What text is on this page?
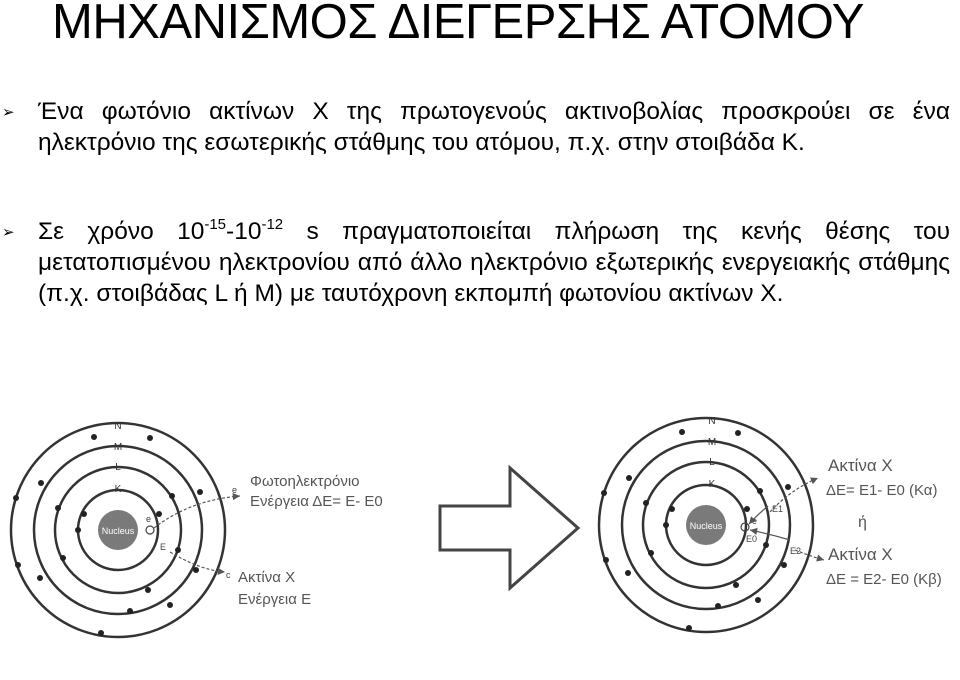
ΜΗΧΑΝΙΣΜΟΣ ΔΙΕΓΕΡΣΗΣ ΑΤΟΜΟΥ
➢ Ένα φωτόνιο ακτίνων Χ της πρωτογενούς ακτινοβολίας προσκρούει σε ένα ηλεκτρόνιο της εσωτερικής στάθμης του ατόμου, π.χ. στην στοιβάδα Κ.
➢ Σε χρόνο $10^{-15}-10^{-12}$ s πραγματοποιείται πλήρωση της κενής θέσης του μετατοπισμένου ηλεκτρονίου από άλλο ηλεκτρόνιο εξωτερικής ενεργειακής στάθμης (π.χ. στοιβάδας L ή M) με ταυτόχρονη εκπομπή φωτονίου ακτίνων Χ.
Nucleus
N
M
L
K
e
E
e
c
Φωτοηλεκτρόνιο
Ενέργεια ΔΕ= Ε- Ε0
Ακτίνα Χ
Ενέργεια Ε
Nucleus
N
M
L
K
e
E1
E0
E2
Ακτίνα Χ
ΔΕ= Ε1- Ε0 (Κα)
ή
Ακτίνα Χ
ΔΕ = Ε2- Ε0 (Κβ)
